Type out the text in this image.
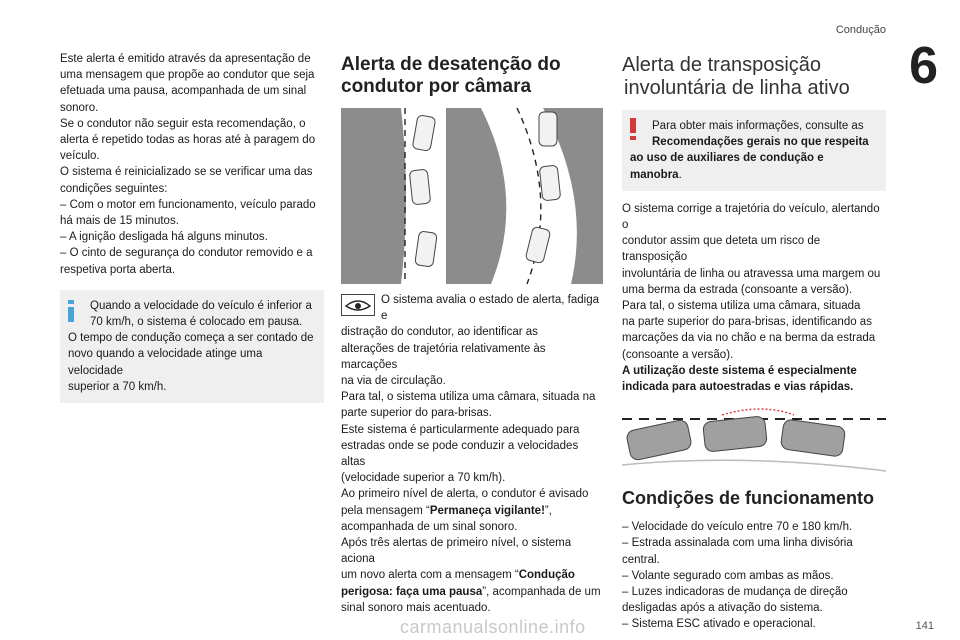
Condução
6

Este alerta é emitido através da apresentação de

uma mensagem que propõe ao condutor que seja

efetuada uma pausa, acompanhada de um sinal

sonoro.

Se o condutor não seguir esta recomendação, o

alerta é repetido todas as horas até à paragem do

veículo.

O sistema é reinicializado se se verificar uma das

condições seguintes:

– Com o motor em funcionamento, veículo parado

há mais de 15 minutos.

– A ignição desligada há alguns minutos.

– O cinto de segurança do condutor removido e a

respetiva porta aberta.

Quando a velocidade do veículo é inferior a

70 km/h, o sistema é colocado em pausa.

O tempo de condução começa a ser contado de

novo quando a velocidade atinge uma velocidade

superior a 70 km/h.

Alerta de desatenção do
condutor por câmara

O sistema avalia o estado de alerta, fadiga e

distração do condutor, ao identificar as

alterações de trajetória relativamente às marcações

na via de circulação.

Para tal, o sistema utiliza uma câmara, situada na

parte superior do para-brisas.

Este sistema é particularmente adequado para

estradas onde se pode conduzir a velocidades altas

(velocidade superior a 70 km/h).

Ao primeiro nível de alerta, o condutor é avisado

pela mensagem “Permaneça vigilante!”,

acompanhada de um sinal sonoro.

Após três alertas de primeiro nível, o sistema aciona

um novo alerta com a mensagem “Condução

perigosa: faça uma pausa”, acompanhada de um

sinal sonoro mais acentuado.

Alerta de transposição
involuntária de linha ativo

Para obter mais informações, consulte as

Recomendações gerais no que respeita

ao uso de auxiliares de condução e manobra.

O sistema corrige a trajetória do veículo, alertando o

condutor assim que deteta um risco de transposição

involuntária de linha ou atravessa uma margem ou

uma berma da estrada (consoante a versão).

Para tal, o sistema utiliza uma câmara, situada

na parte superior do para-brisas, identificando as

marcações da via no chão e na berma da estrada

(consoante a versão).

A utilização deste sistema é especialmente

indicada para autoestradas e vias rápidas.

Condições de funcionamento

– Velocidade do veículo entre 70 e 180 km/h.

– Estrada assinalada com uma linha divisória

central.

– Volante segurado com ambas as mãos.

– Luzes indicadoras de mudança de direção

desligadas após a ativação do sistema.

– Sistema ESC ativado e operacional.	141
carmanualsonline.info
